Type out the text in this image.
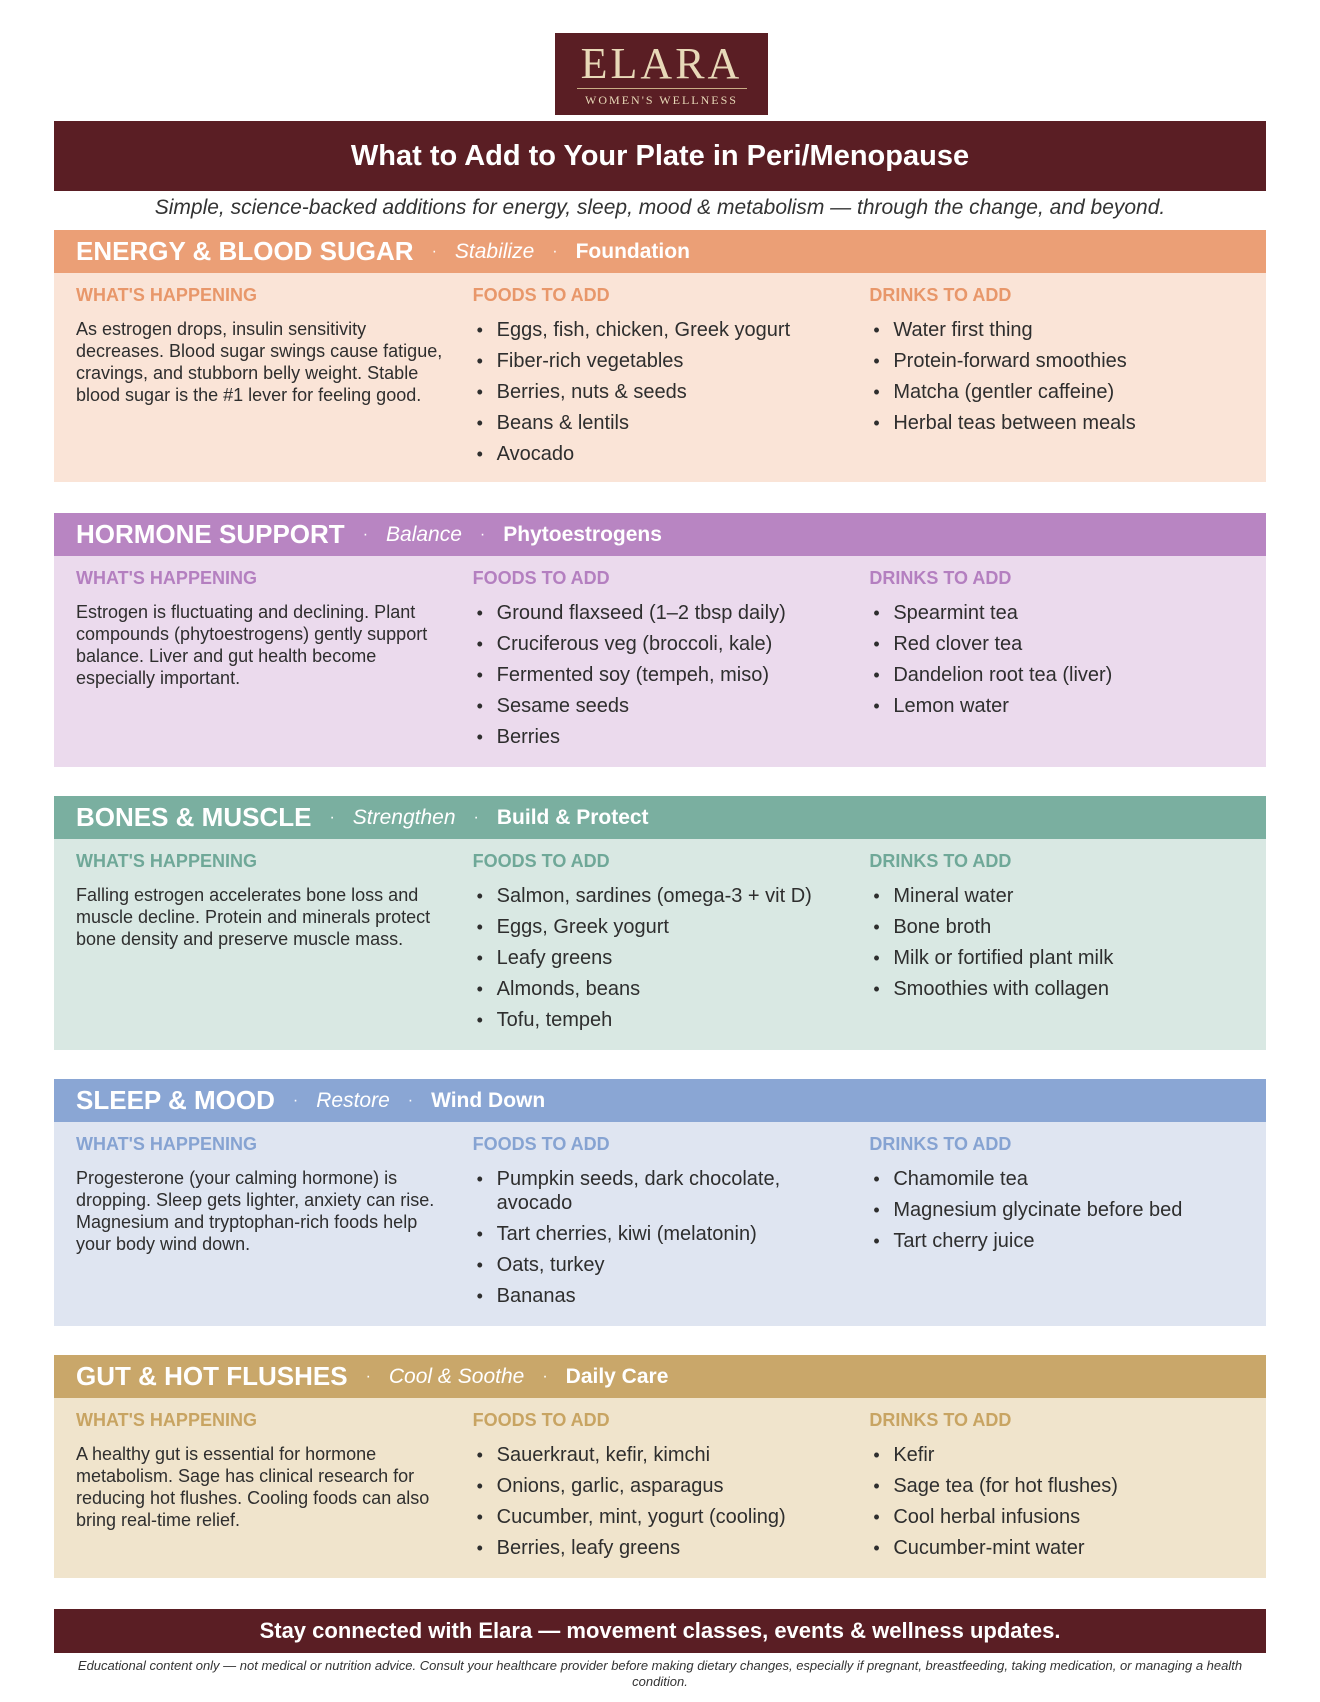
ELARA
WOMEN'S WELLNESS
What to Add to Your Plate in Peri/Menopause
Simple, science-backed additions for energy, sleep, mood & metabolism — through the change, and beyond.
ENERGY & BLOOD SUGAR · Stabilize · Foundation
WHAT'S HAPPENING
As estrogen drops, insulin sensitivity decreases. Blood sugar swings cause fatigue, cravings, and stubborn belly weight. Stable blood sugar is the #1 lever for feeling good.
FOODS TO ADD
• Eggs, fish, chicken, Greek yogurt
• Fiber-rich vegetables
• Berries, nuts & seeds
• Beans & lentils
• Avocado
DRINKS TO ADD
• Water first thing
• Protein-forward smoothies
• Matcha (gentler caffeine)
• Herbal teas between meals
HORMONE SUPPORT · Balance · Phytoestrogens
WHAT'S HAPPENING
Estrogen is fluctuating and declining. Plant compounds (phytoestrogens) gently support balance. Liver and gut health become especially important.
FOODS TO ADD
• Ground flaxseed (1–2 tbsp daily)
• Cruciferous veg (broccoli, kale)
• Fermented soy (tempeh, miso)
• Sesame seeds
• Berries
DRINKS TO ADD
• Spearmint tea
• Red clover tea
• Dandelion root tea (liver)
• Lemon water
BONES & MUSCLE · Strengthen · Build & Protect
WHAT'S HAPPENING
Falling estrogen accelerates bone loss and muscle decline. Protein and minerals protect bone density and preserve muscle mass.
FOODS TO ADD
• Salmon, sardines (omega-3 + vit D)
• Eggs, Greek yogurt
• Leafy greens
• Almonds, beans
• Tofu, tempeh
DRINKS TO ADD
• Mineral water
• Bone broth
• Milk or fortified plant milk
• Smoothies with collagen
SLEEP & MOOD · Restore · Wind Down
WHAT'S HAPPENING
Progesterone (your calming hormone) is dropping. Sleep gets lighter, anxiety can rise. Magnesium and tryptophan-rich foods help your body wind down.
FOODS TO ADD
• Pumpkin seeds, dark chocolate, avocado
• Tart cherries, kiwi (melatonin)
• Oats, turkey
• Bananas
DRINKS TO ADD
• Chamomile tea
• Magnesium glycinate before bed
• Tart cherry juice
GUT & HOT FLUSHES · Cool & Soothe · Daily Care
WHAT'S HAPPENING
A healthy gut is essential for hormone metabolism. Sage has clinical research for reducing hot flushes. Cooling foods can also bring real-time relief.
FOODS TO ADD
• Sauerkraut, kefir, kimchi
• Onions, garlic, asparagus
• Cucumber, mint, yogurt (cooling)
• Berries, leafy greens
DRINKS TO ADD
• Kefir
• Sage tea (for hot flushes)
• Cool herbal infusions
• Cucumber-mint water
Stay connected with Elara — movement classes, events & wellness updates.
Educational content only — not medical or nutrition advice. Consult your healthcare provider before making dietary changes, especially if pregnant, breastfeeding, taking medication, or managing a health condition.
